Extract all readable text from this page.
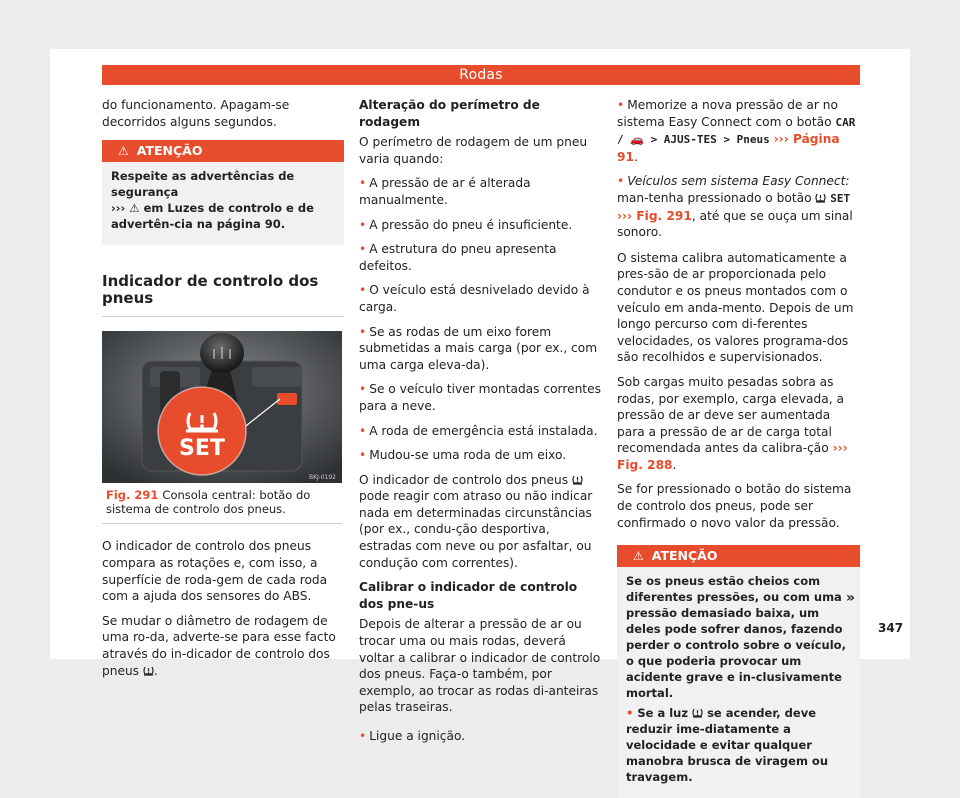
Rodas

do funcionamento. Apagam-se decorridos alguns segundos.

⚠ ATENÇÃO

Respeite as advertências de segurança
››› ⚠ em Luzes de controlo e de advertên-cia na página 90.

Indicador de controlo dos pneus
SET
BKJ-0192
Fig. 291 Consola central: botão do sistema de controlo dos pneus.

O indicador de controlo dos pneus compara as rotações e, com isso, a superfície de roda-gem de cada roda com a ajuda dos sensores do ABS.

Se mudar o diâmetro de rodagem de uma ro-da, adverte-se para esse facto através do in-dicador de controlo dos pneus .

Alteração do perímetro de rodagem

O perímetro de rodagem de um pneu varia quando:

• A pressão de ar é alterada manualmente.

• A pressão do pneu é insuficiente.

• A estrutura do pneu apresenta defeitos.

• O veículo está desnivelado devido à carga.

• Se as rodas de um eixo forem submetidas a mais carga (por ex., com uma carga eleva-da).

• Se o veículo tiver montadas correntes para a neve.

• A roda de emergência está instalada.

• Mudou-se uma roda de um eixo.

O indicador de controlo dos pneus  pode reagir com atraso ou não indicar nada em determinadas circunstâncias (por ex., condu-ção desportiva, estradas com neve ou por asfaltar, ou condução com correntes).

Calibrar o indicador de controlo dos pne-us

Depois de alterar a pressão de ar ou trocar uma ou mais rodas, deverá voltar a calibrar o indicador de controlo dos pneus. Faça-o também, por exemplo, ao trocar as rodas di-anteiras pelas traseiras.

• Ligue a ignição.

• Memorize a nova pressão de ar no sistema Easy Connect com o botão CAR / 🚗 > AJUS-TES > Pneus ››› Página 91.

• Veículos sem sistema Easy Connect: man-tenha pressionado o botão SET ››› Fig. 291, até que se ouça um sinal sonoro.

O sistema calibra automaticamente a pres-são de ar proporcionada pelo condutor e os pneus montados com o veículo em anda-mento. Depois de um longo percurso com di-ferentes velocidades, os valores programa-dos são recolhidos e supervisionados.

Sob cargas muito pesadas sobra as rodas, por exemplo, carga elevada, a pressão de ar deve ser aumentada para a pressão de ar de carga total recomendada antes da calibra-ção ››› Fig. 288.

Se for pressionado o botão do sistema de controlo dos pneus, pode ser confirmado o novo valor da pressão.

⚠ ATENÇÃO

Se os pneus estão cheios com diferentes pressões, ou com uma pressão demasiado baixa, um deles pode sofrer danos, fazendo perder o controlo sobre o veículo, o que poderia provocar um acidente grave e in-clusivamente mortal.

• Se a luz se acender, deve reduzir ime-diatamente a velocidade e evitar qualquer manobra brusca de viragem ou travagem.

»
347
